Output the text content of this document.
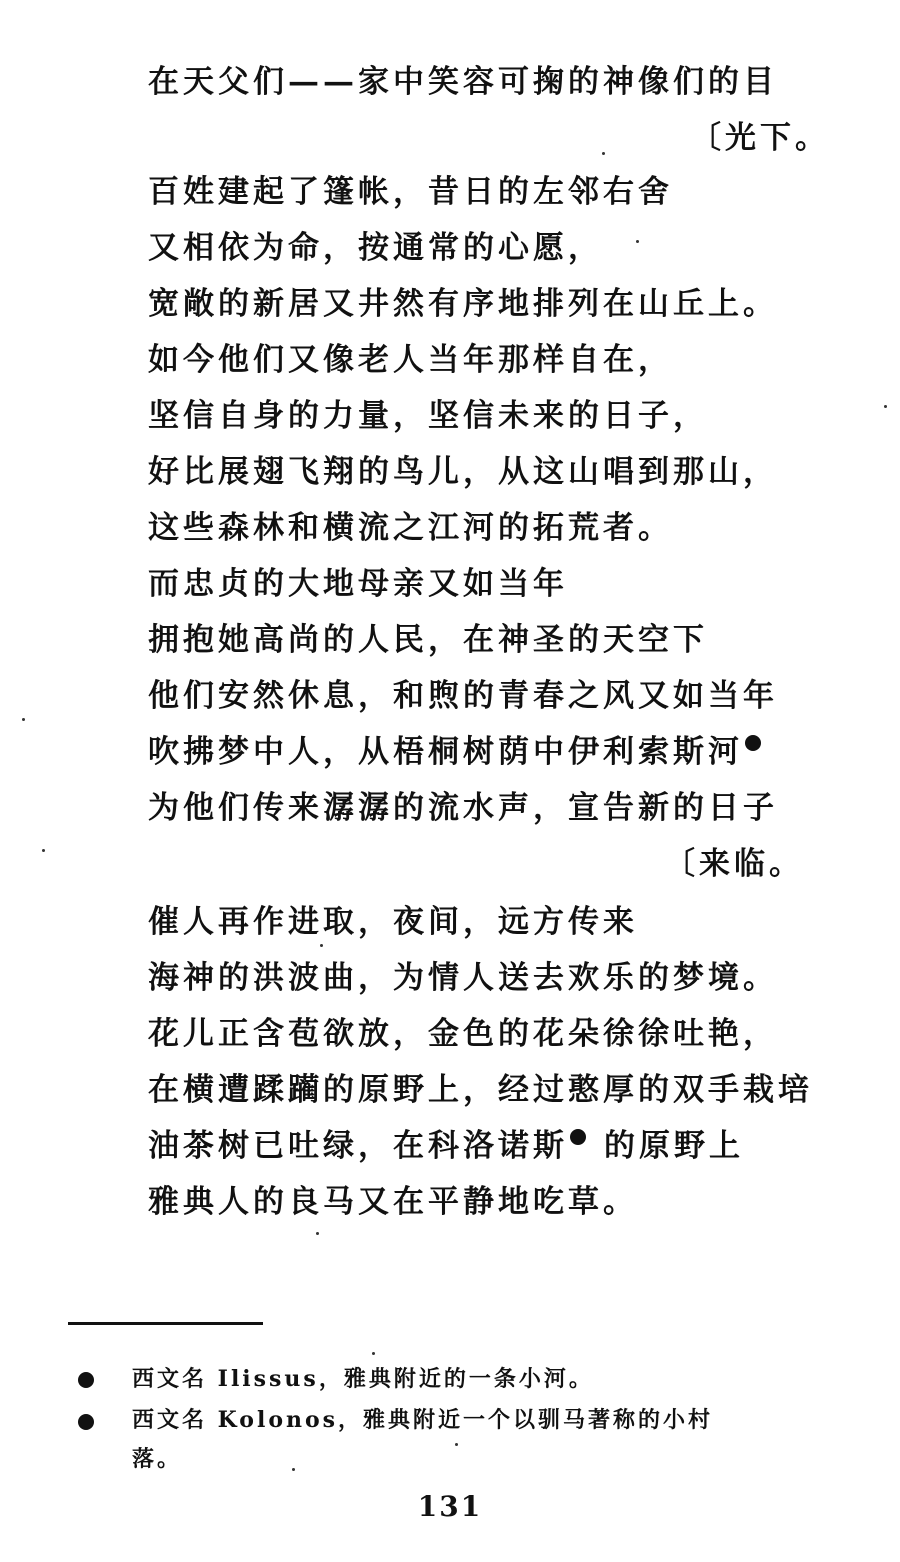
在天父们——家中笑容可掬的神像们的目
〔光下。
百姓建起了篷帐，昔日的左邻右舍
又相依为命，按通常的心愿，
宽敞的新居又井然有序地排列在山丘上。
如今他们又像老人当年那样自在，
坚信自身的力量，坚信未来的日子，
好比展翅飞翔的鸟儿，从这山唱到那山，
这些森林和横流之江河的拓荒者。
而忠贞的大地母亲又如当年
拥抱她高尚的人民，在神圣的天空下
他们安然休息，和煦的青春之风又如当年
吹拂梦中人，从梧桐树荫中伊利索斯河
为他们传来潺潺的流水声，宣告新的日子
〔来临。
催人再作进取，夜间，远方传来
海神的洪波曲，为情人送去欢乐的梦境。
花儿正含苞欲放，金色的花朵徐徐吐艳，
在横遭蹂躏的原野上，经过憨厚的双手栽培
油茶树已吐绿，在科洛诺斯 的原野上
雅典人的良马又在平静地吃草。
西文名 Ilissus，雅典附近的一条小河。
西文名 Kolonos，雅典附近一个以驯马著称的小村
落。
131
